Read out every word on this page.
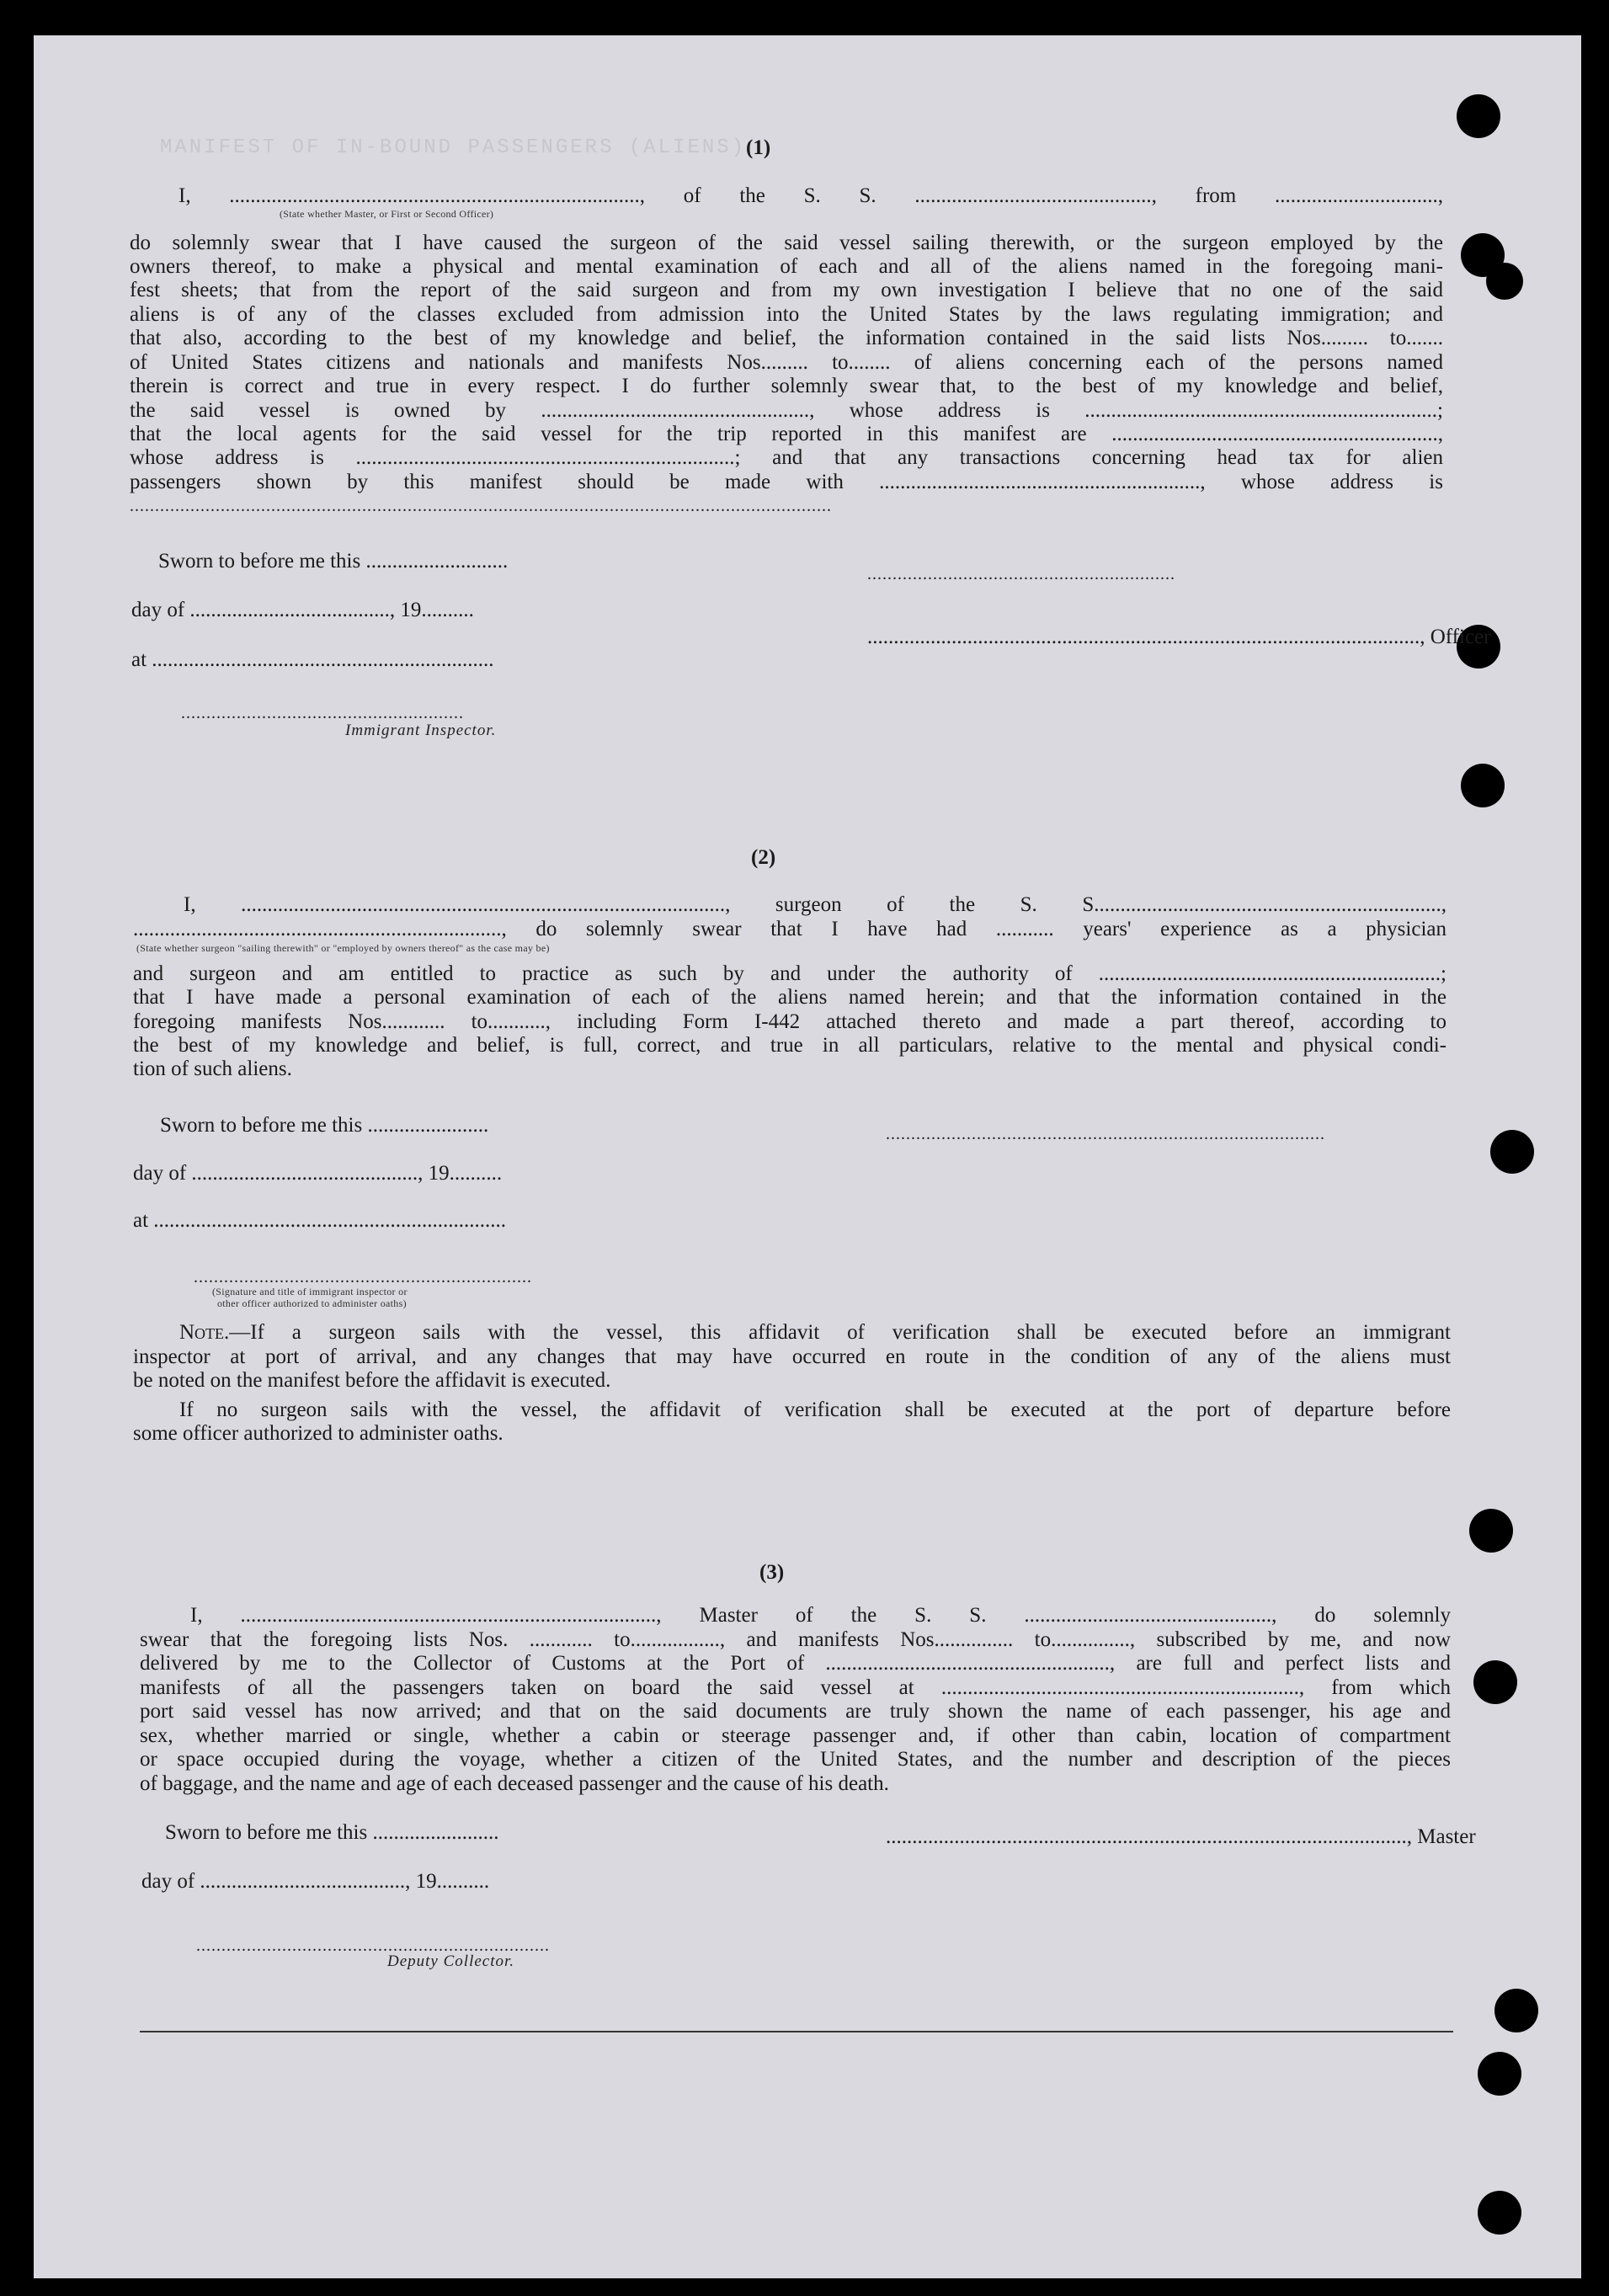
MANIFEST OF IN-BOUND PASSENGERS (ALIENS) (1)
I, .............................................................................., of the S. S. ............................................., from ...............................,
(State whether Master, or First or Second Officer)
do solemnly swear that I have caused the surgeon of the said vessel sailing therewith, or the surgeon employed by the
owners thereof, to make a physical and mental examination of each and all of the aliens named in the foregoing mani-
fest sheets; that from the report of the said surgeon and from my own investigation I believe that no one of the said
aliens is of any of the classes excluded from admission into the United States by the laws regulating immigration; and
that also, according to the best of my knowledge and belief, the information contained in the said lists Nos......... to.......
of United States citizens and nationals and manifests Nos......... to........ of aliens concerning each of the persons named
therein is correct and true in every respect. I do further solemnly swear that, to the best of my knowledge and belief,
the said vessel is owned by ..................................................., whose address is ...................................................................;
that the local agents for the said vessel for the trip reported in this manifest are ..............................................................,
whose address is ........................................................................; and that any transactions concerning head tax for alien
passengers shown by this manifest should be made with ............................................................., whose address is
...........................................................................................................................................
Sworn to before me this ...........................
.............................................................
day of ......................................, 19..........
........................................................................................................., Officer
at .................................................................
........................................................
Immigrant Inspector.
(2)
I, ............................................................................................, surgeon of the S. S..................................................................,
......................................................................, do solemnly swear that I have had ........... years' experience as a physician
(State whether surgeon "sailing therewith" or "employed by owners thereof" as the case may be)
and surgeon and am entitled to practice as such by and under the authority of .................................................................;
that I have made a personal examination of each of the aliens named herein; and that the information contained in the
foregoing manifests Nos............ to..........., including Form I-442 attached thereto and made a part thereof, according to
the best of my knowledge and belief, is full, correct, and true in all particulars, relative to the mental and physical condi-
tion of such aliens.
Sworn to before me this .......................	.......................................................................................
day of ..........................................., 19..........
at ...................................................................
...................................................................
(Signature and title of immigrant inspector or
other officer authorized to administer oaths)
Note.—If a surgeon sails with the vessel, this affidavit of verification shall be executed before an immigrant
inspector at port of arrival, and any changes that may have occurred en route in the condition of any of the aliens must
be noted on the manifest before the affidavit is executed.
If no surgeon sails with the vessel, the affidavit of verification shall be executed at the port of departure before
some officer authorized to administer oaths.
(3)
I, ..............................................................................., Master of the S. S. ..............................................., do solemnly
swear that the foregoing lists Nos. ............ to................., and manifests Nos............... to..............., subscribed by me, and now
delivered by me to the Collector of Customs at the Port of ......................................................, are full and perfect lists and
manifests of all the passengers taken on board the said vessel at ...................................................................., from which
port said vessel has now arrived; and that on the said documents are truly shown the name of each passenger, his age and
sex, whether married or single, whether a cabin or steerage passenger and, if other than cabin, location of compartment
or space occupied during the voyage, whether a citizen of the United States, and the number and description of the pieces
of baggage, and the name and age of each deceased passenger and the cause of his death.
Sworn to before me this ........................	..................................................................................................., Master
day of ......................................., 19..........
......................................................................
Deputy Collector.
